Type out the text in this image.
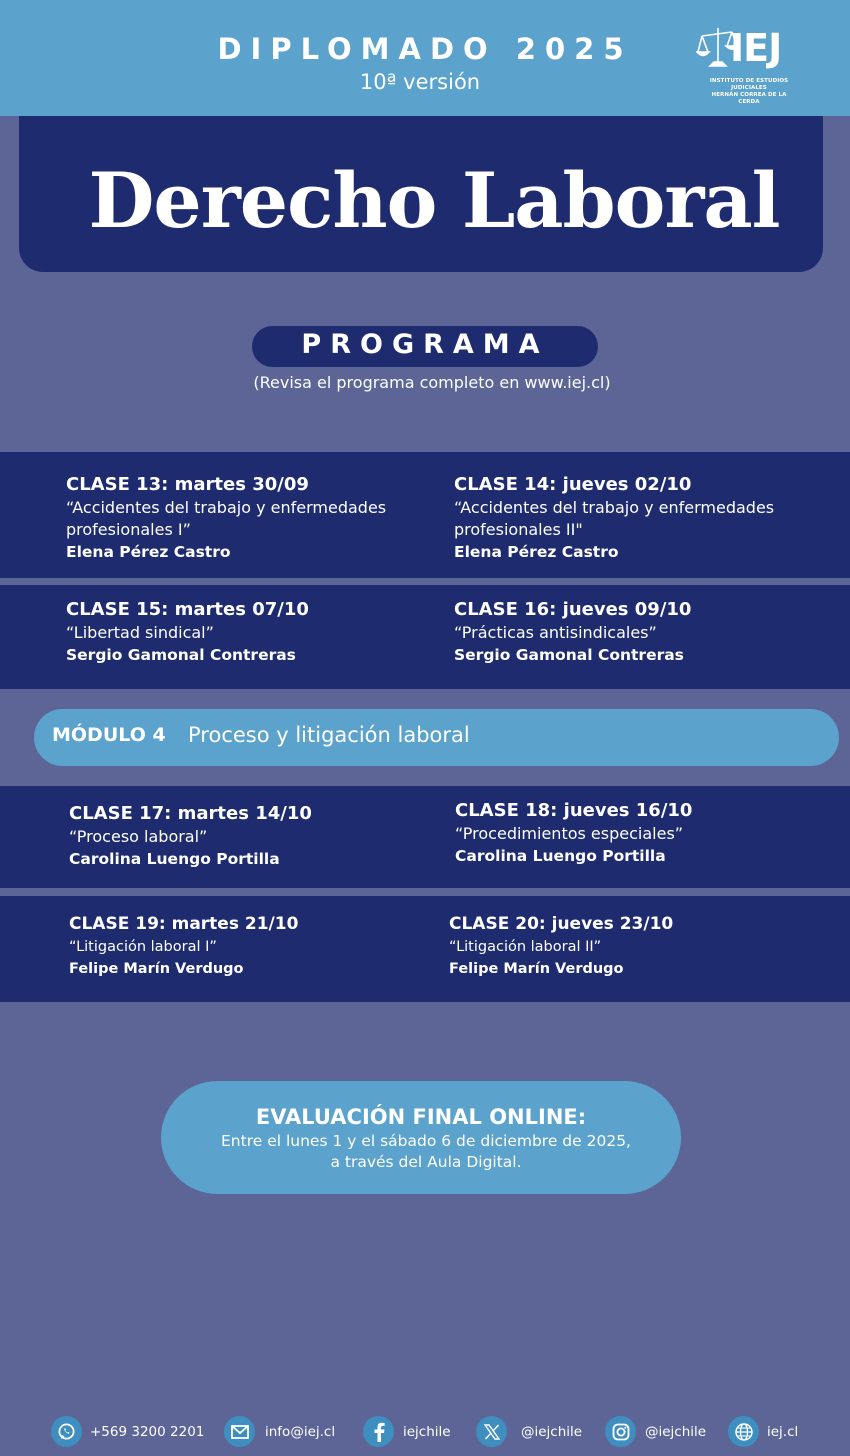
DIPLOMADO 2025
10ª versión
IEJ
INSTITUTO DE ESTUDIOS JUDICIALES
HERNÁN CORREA DE LA CERDA
Derecho Laboral
PROGRAMA
(Revisa el programa completo en www.iej.cl)
CLASE 13: martes 30/09
“Accidentes del trabajo y enfermedades profesionales I”
Elena Pérez Castro
CLASE 14: jueves 02/10
“Accidentes del trabajo y enfermedades profesionales II"
Elena Pérez Castro
CLASE 15: martes 07/10
“Libertad sindical”
Sergio Gamonal Contreras
CLASE 16: jueves 09/10
“Prácticas antisindicales”
Sergio Gamonal Contreras
MÓDULO 4 Proceso y litigación laboral
CLASE 17: martes 14/10
“Proceso laboral”
Carolina Luengo Portilla
CLASE 18: jueves 16/10
“Procedimientos especiales”
Carolina Luengo Portilla
CLASE 19: martes 21/10
“Litigación laboral I”
Felipe Marín Verdugo
CLASE 20: jueves 23/10
“Litigación laboral II”
Felipe Marín Verdugo
EVALUACIÓN FINAL ONLINE:
Entre el lunes 1 y el sábado 6 de diciembre de 2025, a través del Aula Digital.
+569 3200 2201	info@iej.cl	iejchile	@iejchile	@iejchile	iej.cl
